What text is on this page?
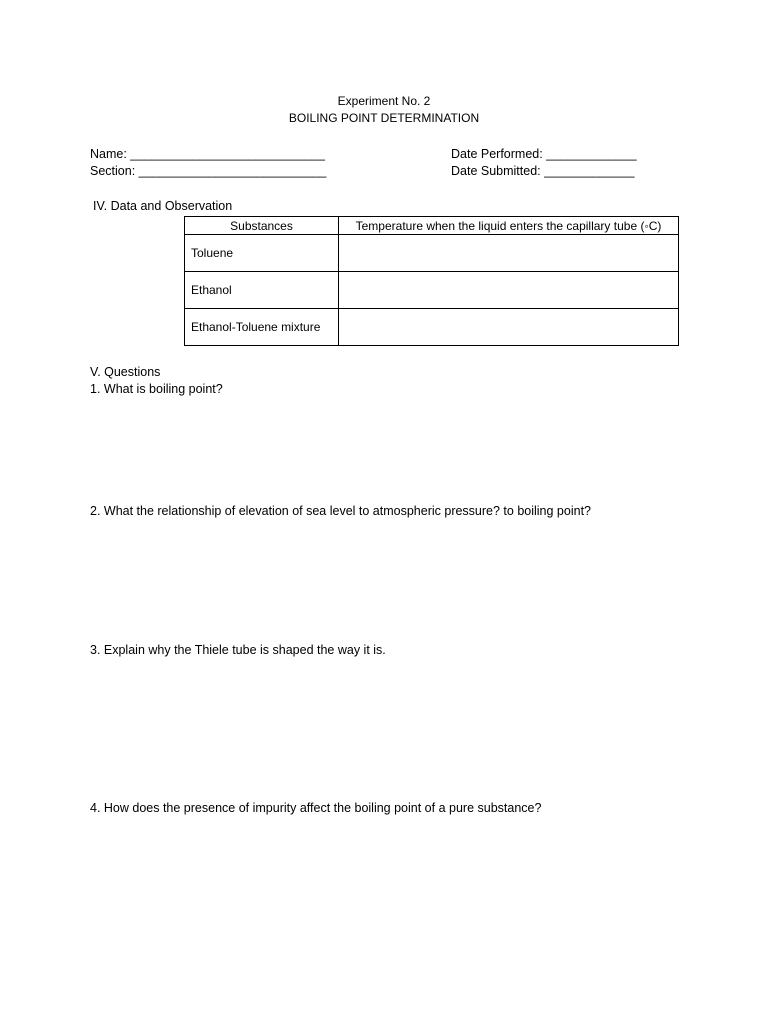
Experiment No. 2
BOILING POINT DETERMINATION
Name: ____________________________
Section: ___________________________
Date Performed: _____________
Date Submitted: _____________
IV. Data and Observation
Substances	Temperature when the liquid enters the capillary tube (◦C)
Toluene	
Ethanol	
Ethanol-Toluene mixture	
V. Questions
1. What is boiling point?
2. What the relationship of elevation of sea level to atmospheric pressure? to boiling point?
3. Explain why the Thiele tube is shaped the way it is.
4. How does the presence of impurity affect the boiling point of a pure substance?
